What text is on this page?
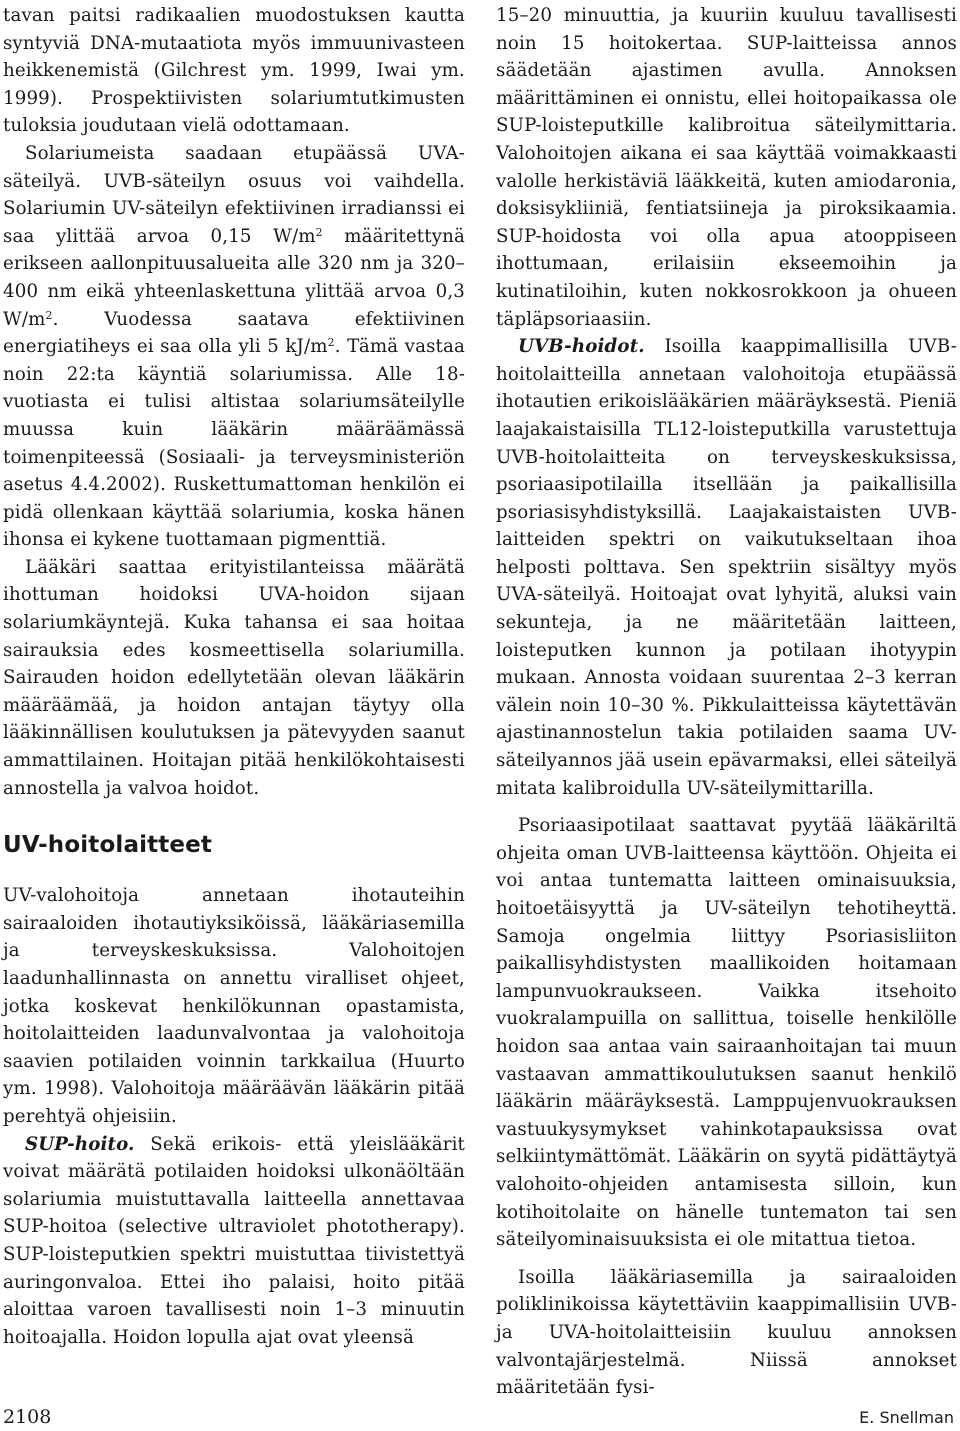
tavan paitsi radikaalien muodostuksen kautta syntyviä DNA-mutaatiota myös immuunivasteen heikkenemistä (Gilchrest ym. 1999, Iwai ym. 1999). Prospektiivisten solariumtutkimusten tuloksia joudutaan vielä odottamaan.

Solariumeista saadaan etupäässä UVA-säteilyä. UVB-säteilyn osuus voi vaihdella. Solariumin UV-säteilyn efektiivinen irradianssi ei saa ylittää arvoa 0,15 $W/m^2$ määritettynä erikseen aallonpituusalueita alle 320 nm ja 320–400 nm eikä yhteenlaskettuna ylittää arvoa 0,3 $W/m^2$. Vuodessa saatava efektiivinen energiatiheys ei saa olla yli 5 $kJ/m^2$. Tämä vastaa noin 22:ta käyntiä solariumissa. Alle 18-vuotiasta ei tulisi altistaa solariumsäteilylle muussa kuin lääkärin määräämässä toimenpiteessä (Sosiaali- ja terveysministeriön asetus 4.4.2002). Ruskettumattoman henkilön ei pidä ollenkaan käyttää solariumia, koska hänen ihonsa ei kykene tuottamaan pigmenttiä.

Lääkäri saattaa erityistilanteissa määrätä ihottuman hoidoksi UVA-hoidon sijaan solariumkäyntejä. Kuka tahansa ei saa hoitaa sairauksia edes kosmeettisella solariumilla. Sairauden hoidon edellytetään olevan lääkärin määräämää, ja hoidon antajan täytyy olla lääkinnällisen koulutuksen ja pätevyyden saanut ammattilainen. Hoitajan pitää henkilökohtaisesti annostella ja valvoa hoidot.

UV-hoitolaitteet

UV-valohoitoja annetaan ihotauteihin sairaaloiden ihotautiyksiköissä, lääkäriasemilla ja terveyskeskuksissa. Valohoitojen laadunhallinnasta on annettu viralliset ohjeet, jotka koskevat henkilökunnan opastamista, hoitolaitteiden laadunvalvontaa ja valohoitoja saavien potilaiden voinnin tarkkailua (Huurto ym. 1998). Valohoitoja määräävän lääkärin pitää perehtyä ohjeisiin.

SUP-hoito. Sekä erikois- että yleislääkärit voivat määrätä potilaiden hoidoksi ulkonäöltään solariumia muistuttavalla laitteella annettavaa SUP-hoitoa (selective ultraviolet phototherapy). SUP-loisteputkien spektri muistuttaa tiivistettyä auringonvaloa. Ettei iho palaisi, hoito pitää aloittaa varoen tavallisesti noin 1–3 minuutin hoitoajalla. Hoidon lopulla ajat ovat yleensä

15–20 minuuttia, ja kuuriin kuuluu tavallisesti noin 15 hoitokertaa. SUP-laitteissa annos säädetään ajastimen avulla. Annoksen määrittäminen ei onnistu, ellei hoitopaikassa ole SUP-loisteputkille kalibroitua säteilymittaria. Valohoitojen aikana ei saa käyttää voimakkaasti valolle herkistäviä lääkkeitä, kuten amiodaronia, doksisykliiniä, fentiatsiineja ja piroksikaamia. SUP-hoidosta voi olla apua atooppiseen ihottumaan, erilaisiin ekseemoihin ja kutinatiloihin, kuten nokkosrokkoon ja ohueen täpläpsoriaasiin.

UVB-hoidot. Isoilla kaappimallisilla UVB-hoitolaitteilla annetaan valohoitoja etupäässä ihotautien erikoislääkärien määräyksestä. Pieniä laajakaistaisilla TL12-loisteputkilla varustettuja UVB-hoitolaitteita on terveyskeskuksissa, psoriaasipotilailla itsellään ja paikallisilla psoriasisyhdistyksillä. Laajakaistaisten UVB-laitteiden spektri on vaikutukseltaan ihoa helposti polttava. Sen spektriin sisältyy myös UVA-säteilyä. Hoitoajat ovat lyhyitä, aluksi vain sekunteja, ja ne määritetään laitteen, loisteputken kunnon ja potilaan ihotyypin mukaan. Annosta voidaan suurentaa 2–3 kerran välein noin 10–30 %. Pikkulaitteissa käytettävän ajastinannostelun takia potilaiden saama UV-säteilyannos jää usein epävarmaksi, ellei säteilyä mitata kalibroidulla UV-säteilymittarilla.

Psoriaasipotilaat saattavat pyytää lääkäriltä ohjeita oman UVB-laitteensa käyttöön. Ohjeita ei voi antaa tuntematta laitteen ominaisuuksia, hoitoetäisyyttä ja UV-säteilyn tehotiheyttä. Samoja ongelmia liittyy Psoriasisliiton paikallisyhdistysten maallikoiden hoitamaan lampunvuokraukseen. Vaikka itsehoito vuokralampuilla on sallittua, toiselle henkilölle hoidon saa antaa vain sairaanhoitajan tai muun vastaavan ammattikoulutuksen saanut henkilö lääkärin määräyksestä. Lamppujenvuokrauksen vastuukysymykset vahinkotapauksissa ovat selkiintymättömät. Lääkärin on syytä pidättäytyä valohoito-ohjeiden antamisesta silloin, kun kotihoitolaite on hänelle tuntematon tai sen säteilyominaisuuksista ei ole mitattua tietoa.

Isoilla lääkäriasemilla ja sairaaloiden poliklinikoissa käytettäviin kaappimallisiin UVB- ja UVA-hoitolaitteisiin kuuluu annoksen valvontajärjestelmä. Niissä annokset määritetään fysi-

2108	E. Snellman
